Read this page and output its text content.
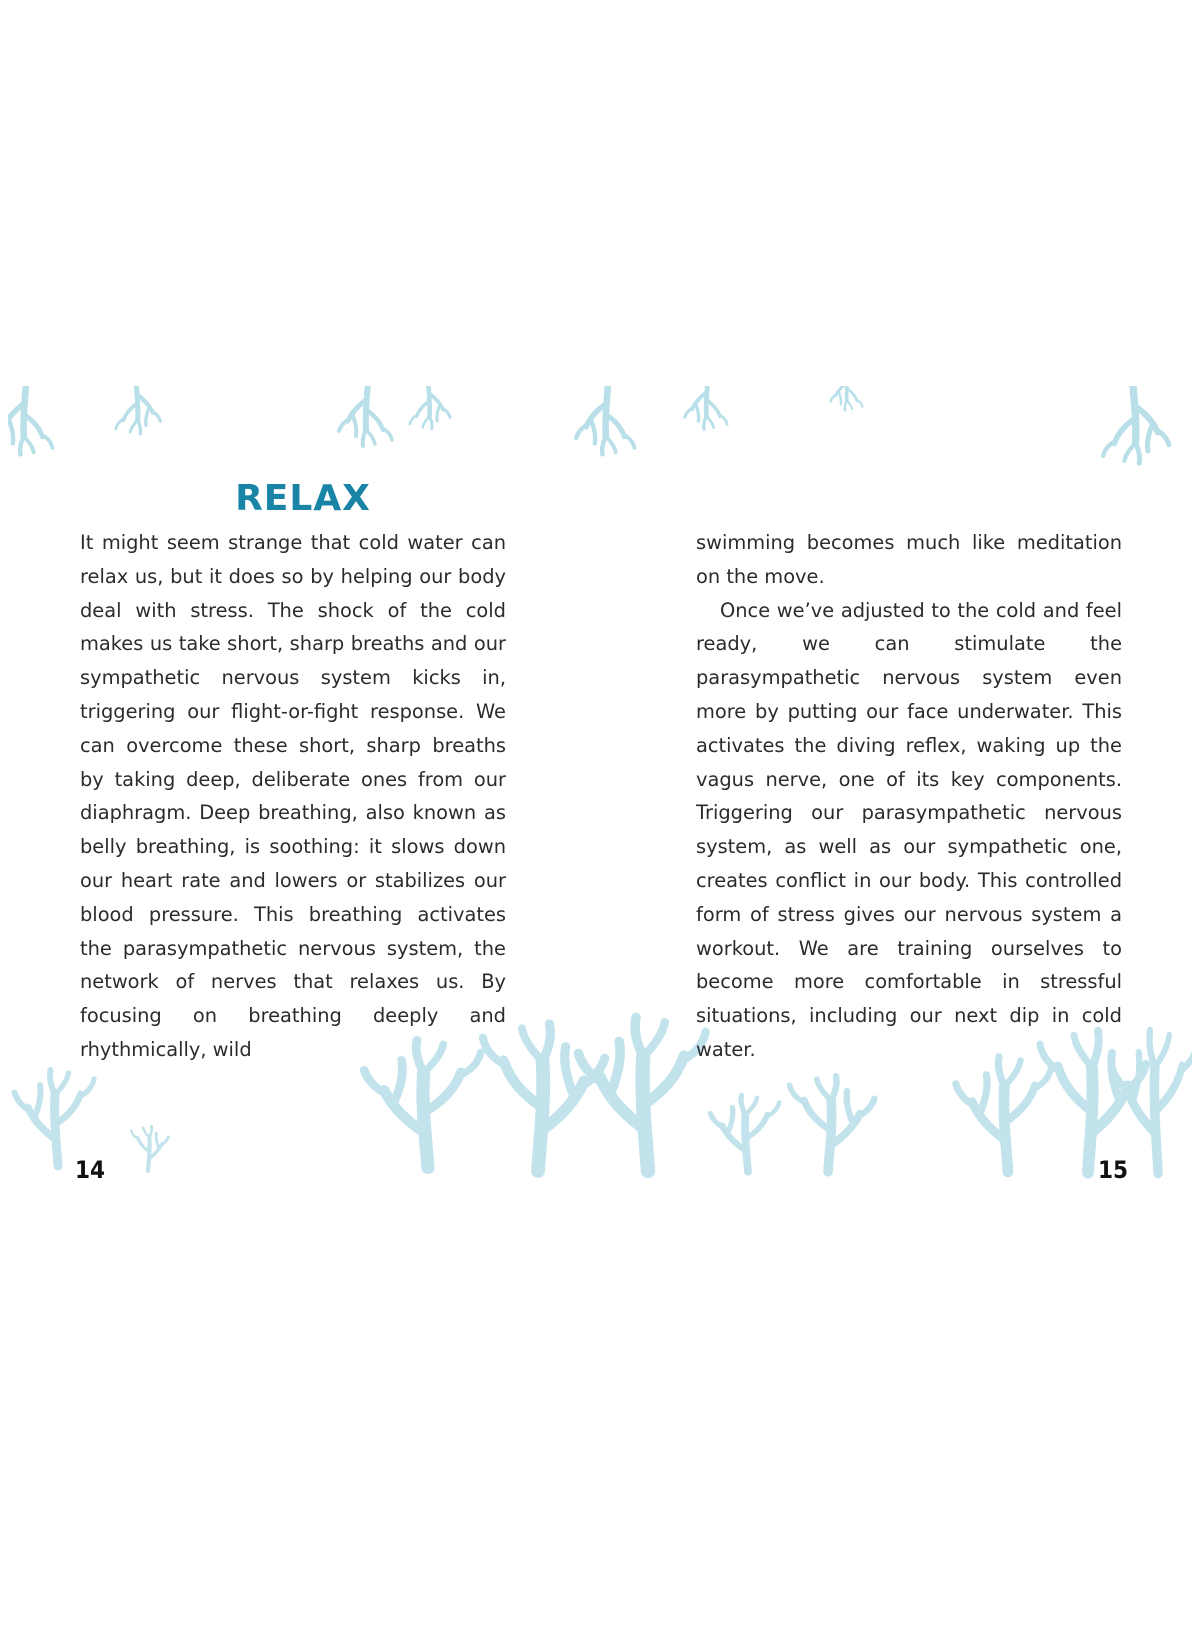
RELAX

It might seem strange that cold water can relax us, but it does so by helping our body deal with stress. The shock of the cold makes us take short, sharp breaths and our sympathetic nervous system kicks in, triggering our flight-or-fight response. We can overcome these short, sharp breaths by taking deep, deliberate ones from our diaphragm. Deep breathing, also known as belly breathing, is soothing: it slows down our heart rate and lowers or stabilizes our blood pressure. This breathing activates the parasympathetic nervous system, the network of nerves that relaxes us. By focusing on breathing deeply and rhythmically, wild

14

swimming becomes much like meditation on the move.

Once we’ve adjusted to the cold and feel ready, we can stimulate the parasympathetic nervous system even more by putting our face underwater. This activates the diving reflex, waking up the vagus nerve, one of its key components. Triggering our parasympathetic nervous system, as well as our sympathetic one, creates conflict in our body. This controlled form of stress gives our nervous system a workout. We are training ourselves to become more comfortable in stressful situations, including our next dip in cold water.

15
